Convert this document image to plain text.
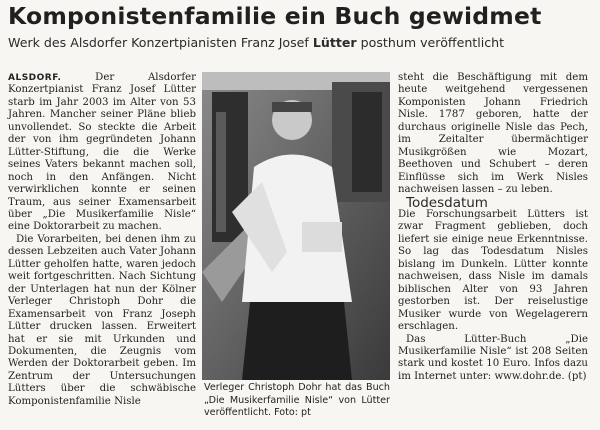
Komponistenfamilie ein Buch gewidmet
Werk des Alsdorfer Konzertpianisten Franz Josef Lütter posthum veröffentlicht

ALSDORF. Der Alsdorfer Konzertpianist Franz Josef Lütter starb im Jahr 2003 im Alter von 53 Jahren. Mancher seiner Pläne blieb unvollendet. So steckte die Arbeit der von ihm gegründeten Johann Lütter-Stiftung, die die Werke seines Vaters bekannt machen soll, noch in den Anfängen. Nicht verwirklichen konnte er seinen Traum, aus seiner Examensarbeit über „Die Musikerfamilie Nisle“ eine Doktorarbeit zu machen.

Die Vorarbeiten, bei denen ihm zu dessen Lebzeiten auch Vater Johann Lütter geholfen hatte, waren jedoch weit fortgeschritten. Nach Sichtung der Unterlagen hat nun der Kölner Verleger Christoph Dohr die Examensarbeit von Franz Joseph Lütter drucken lassen. Erweitert hat er sie mit Urkunden und Dokumenten, die Zeugnis vom Werden der Doktorarbeit geben. Im Zentrum der Untersuchungen Lütters über die schwäbische Komponistenfamilie Nisle

Verleger Christoph Dohr hat das Buch „Die Musikerfamilie Nisle“ von Lütter veröffentlicht. Foto: pt

steht die Beschäftigung mit dem heute weitgehend vergessenen Komponisten Johann Friedrich Nisle. 1787 geboren, hatte der durchaus originelle Nisle das Pech, im Zeitalter übermächtiger Musikgrößen wie Mozart, Beethoven und Schubert – deren Einflüsse sich im Werk Nisles nachweisen lassen – zu leben.

Todesdatum

Die Forschungsarbeit Lütters ist zwar Fragment geblieben, doch liefert sie einige neue Erkenntnisse. So lag das Todesdatum Nisles bislang im Dunkeln. Lütter konnte nachweisen, dass Nisle im damals biblischen Alter von 93 Jahren gestorben ist. Der reiselustige Musiker wurde von Wegelagerern erschlagen.

Das Lütter-Buch „Die Musikerfamilie Nisle“ ist 208 Seiten stark und kostet 10 Euro. Infos dazu im Internet unter: www.dohr.de. (pt)
